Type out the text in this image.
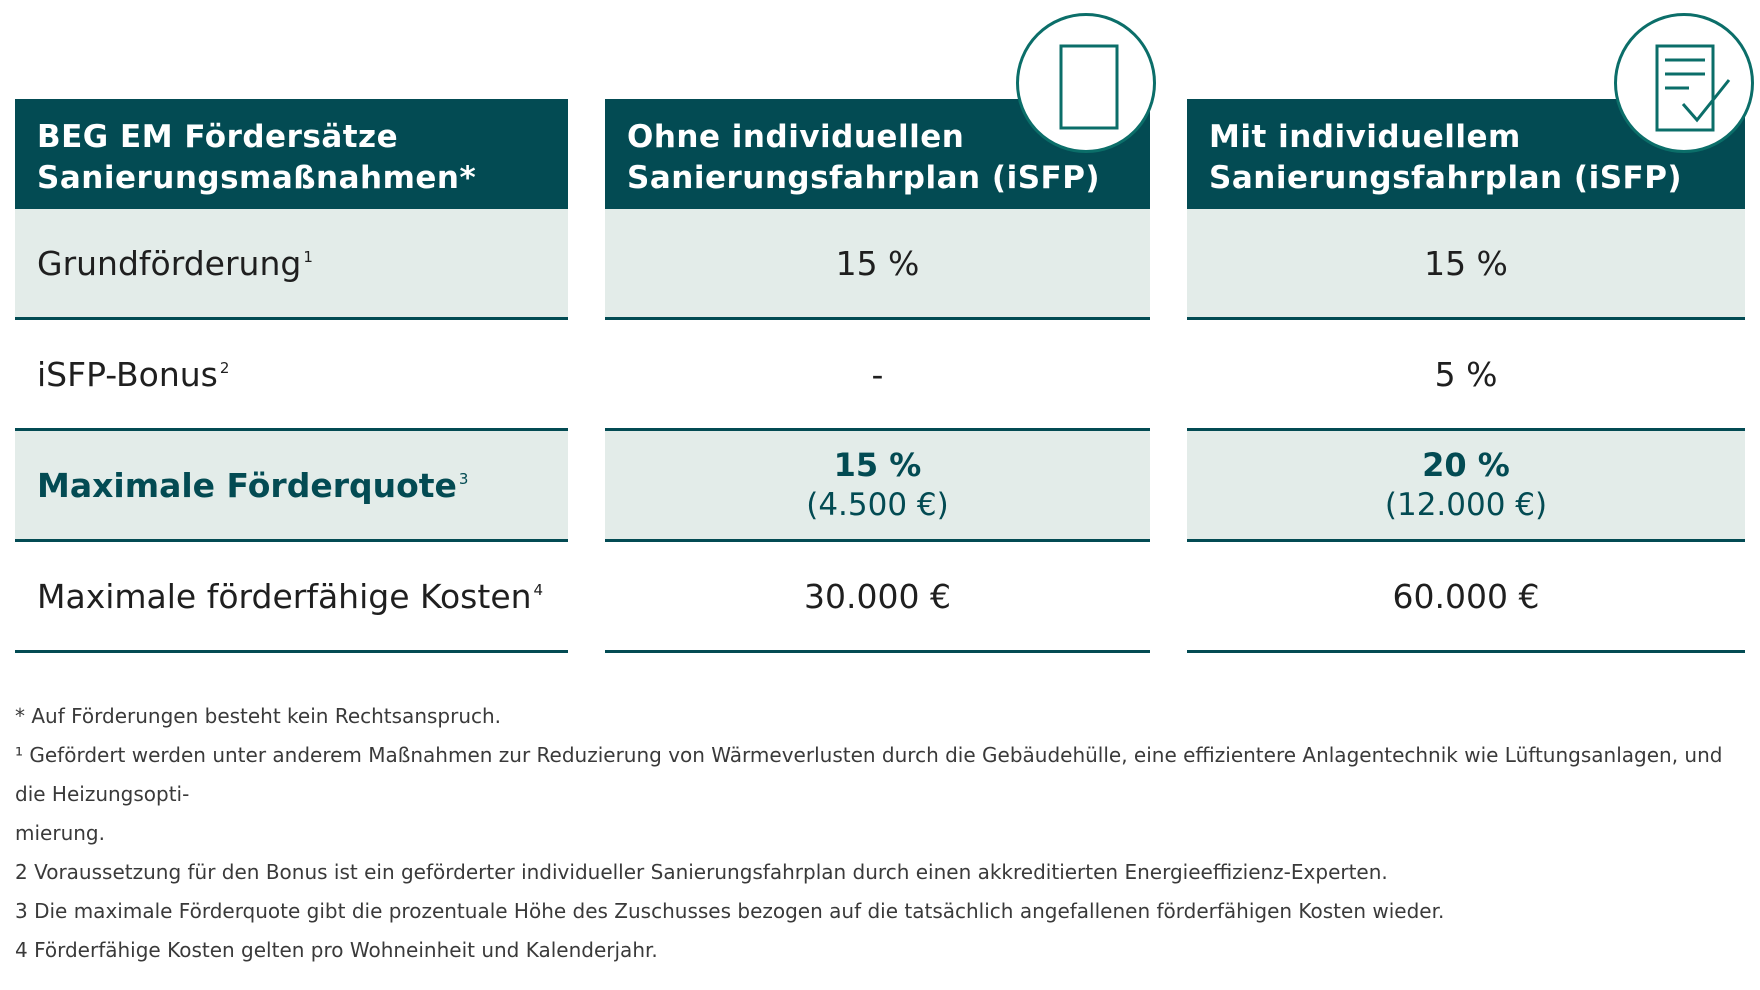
BEG EM Fördersätze
Sanierungsmaßnahmen*
Grundförderung$^1$
iSFP-Bonus$^2$
Maximale Förderquote$^3$
Maximale förderfähige Kosten$^4$
Ohne individuellen
Sanierungsfahrplan (iSFP)
15 %
-
15 %
(4.500 €)
30.000 €
Mit individuellem
Sanierungsfahrplan (iSFP)
15 %
5 %
20 %
(12.000 €)
60.000 €

* Auf Förderungen besteht kein Rechtsanspruch.

¹ Gefördert werden unter anderem Maßnahmen zur Reduzierung von Wärmeverlusten durch die Gebäudehülle, eine effizientere Anlagentechnik wie Lüftungsanlagen, und die Heizungsopti-

mierung.

2 Voraussetzung für den Bonus ist ein geförderter individueller Sanierungsfahrplan durch einen akkreditierten Energieeffizienz-Experten.

3 Die maximale Förderquote gibt die prozentuale Höhe des Zuschusses bezogen auf die tatsächlich angefallenen förderfähigen Kosten wieder.

4 Förderfähige Kosten gelten pro Wohneinheit und Kalenderjahr.
